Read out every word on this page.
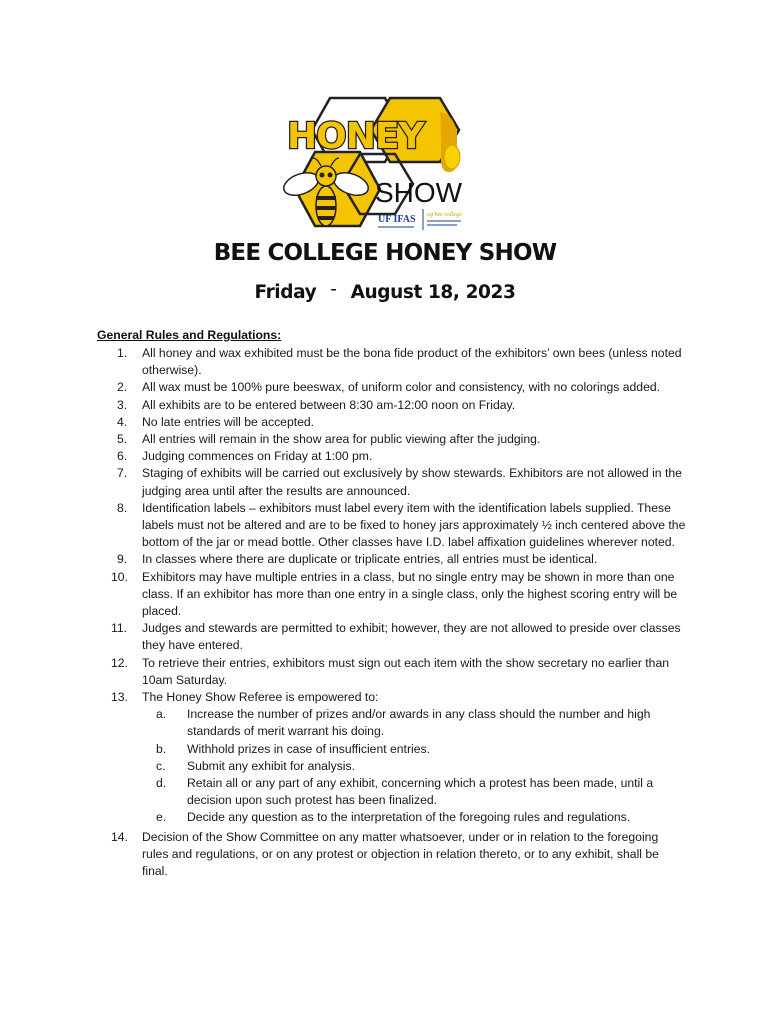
HONEY
SHOW
UF IFAS ag bee college
BEE COLLEGE HONEY SHOW
Friday - August 18, 2023
General Rules and Regulations:
1. All honey and wax exhibited must be the bona fide product of the exhibitors’ own bees (unless noted otherwise).
2. All wax must be 100% pure beeswax, of uniform color and consistency, with no colorings added.
3. All exhibits are to be entered between 8:30 am-12:00 noon on Friday.
4. No late entries will be accepted.
5. All entries will remain in the show area for public viewing after the judging.
6. Judging commences on Friday at 1:00 pm.
7. Staging of exhibits will be carried out exclusively by show stewards. Exhibitors are not allowed in the judging area until after the results are announced.
8. Identification labels – exhibitors must label every item with the identification labels supplied. These labels must not be altered and are to be fixed to honey jars approximately ½ inch centered above the bottom of the jar or mead bottle. Other classes have I.D. label affixation guidelines wherever noted.
9. In classes where there are duplicate or triplicate entries, all entries must be identical.
10. Exhibitors may have multiple entries in a class, but no single entry may be shown in more than one class. If an exhibitor has more than one entry in a single class, only the highest scoring entry will be placed.
11. Judges and stewards are permitted to exhibit; however, they are not allowed to preside over classes they have entered.
12. To retrieve their entries, exhibitors must sign out each item with the show secretary no earlier than 10am Saturday.
13. The Honey Show Referee is empowered to:
a. Increase the number of prizes and/or awards in any class should the number and high standards of merit warrant his doing.
b. Withhold prizes in case of insufficient entries.
c. Submit any exhibit for analysis.
d. Retain all or any part of any exhibit, concerning which a protest has been made, until a decision upon such protest has been finalized.
e. Decide any question as to the interpretation of the foregoing rules and regulations.
14. Decision of the Show Committee on any matter whatsoever, under or in relation to the foregoing rules and regulations, or on any protest or objection in relation thereto, or to any exhibit, shall be final.
